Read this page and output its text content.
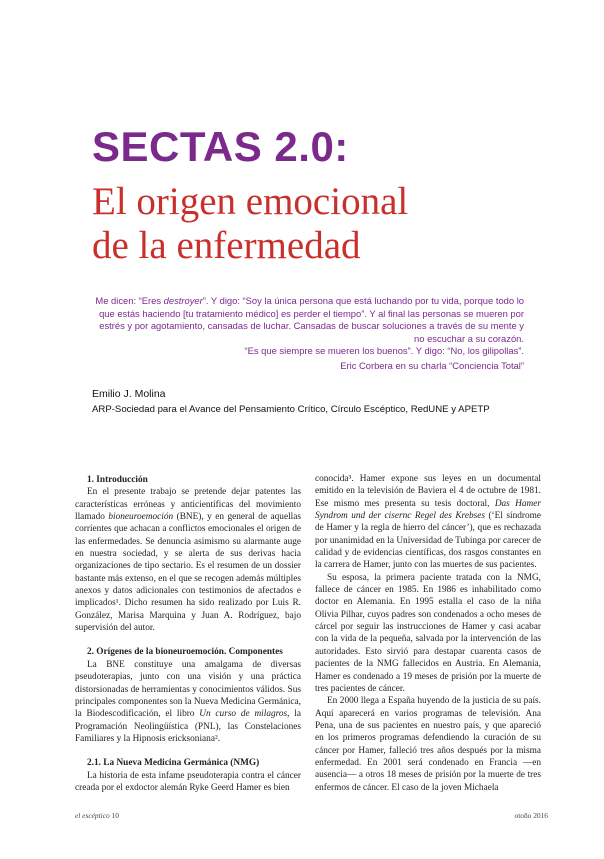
SECTAS 2.0:
El origen emocional
de la enfermedad

Me dicen: “Eres destroyer”. Y digo: “Soy la única persona que está luchando por tu vida, porque todo lo que estás haciendo [tu tratamiento médico] es perder el tiempo”. Y al final las personas se mueren por estrés y por agotamiento, cansadas de luchar. Cansadas de buscar soluciones a través de su mente y no escuchar a su corazón.

“Es que siempre se mueren los buenos”. Y digo: “No, los gilipollas”.

Eric Corbera en su charla “Conciencia Total”

Emilio J. Molina
ARP-Sociedad para el Avance del Pensamiento Crítico, Círculo Escéptico, RedUNE y APETP
1. Introducción

En el presente trabajo se pretende dejar patentes las características erróneas y anticientíficas del movimiento llamado bioneuroemoción (BNE), y en general de aquellas corrientes que achacan a conflictos emocionales el origen de las enfermedades. Se denuncia asimismo su alarmante auge en nuestra sociedad, y se alerta de sus derivas hacia organizaciones de tipo sectario. Es el resumen de un dossier bastante más extenso, en el que se recogen además múltiples anexos y datos adicionales con testimonios de afectados e implicados¹. Dicho resumen ha sido realizado por Luis R. González, Marisa Marquina y Juan A. Rodríguez, bajo supervisión del autor.

2. Orígenes de la bioneuroemoción. Componentes

La BNE constituye una amalgama de diversas pseudoterapias, junto con una visión y una práctica distorsionadas de herramientas y conocimientos válidos. Sus principales componentes son la Nueva Medicina Germánica, la Biodescodificación, el libro Un curso de milagros, la Programación Neolingüística (PNL), las Constelaciones Familiares y la Hipnosis ericksoniana².

2.1. La Nueva Medicina Germánica (NMG)

La historia de esta infame pseudoterapia contra el cáncer creada por el exdoctor alemán Ryke Geerd Hamer es bien

conocida³. Hamer expone sus leyes en un documental emitido en la televisión de Baviera el 4 de octubre de 1981. Ese mismo mes presenta su tesis doctoral, Das Hamer Syndrom und der cisernc Regel des Krebses (‘El síndrome de Hamer y la regla de hierro del cáncer’), que es rechazada por unanimidad en la Universidad de Tubinga por carecer de calidad y de evidencias científicas, dos rasgos constantes en la carrera de Hamer, junto con las muertes de sus pacientes.

Su esposa, la primera paciente tratada con la NMG, fallece de cáncer en 1985. En 1986 es inhabilitado como doctor en Alemania. En 1995 estalla el caso de la niña Olivia Pilhar, cuyos padres son condenados a ocho meses de cárcel por seguir las instrucciones de Hamer y casi acabar con la vida de la pequeña, salvada por la intervención de las autoridades. Esto sirvió para destapar cuarenta casos de pacientes de la NMG fallecidos en Austria. En Alemania, Hamer es condenado a 19 meses de prisión por la muerte de tres pacientes de cáncer.

En 2000 llega a España huyendo de la justicia de su país. Aquí aparecerá en varios programas de televisión. Ana Pena, una de sus pacientes en nuestro país, y que apareció en los primeros programas defendiendo la curación de su cáncer por Hamer, falleció tres años después por la misma enfermedad. En 2001 será condenado en Francia —en ausencia— a otros 18 meses de prisión por la muerte de tres enfermos de cáncer. El caso de la joven Michaela

el escéptico 10	otoño 2016
